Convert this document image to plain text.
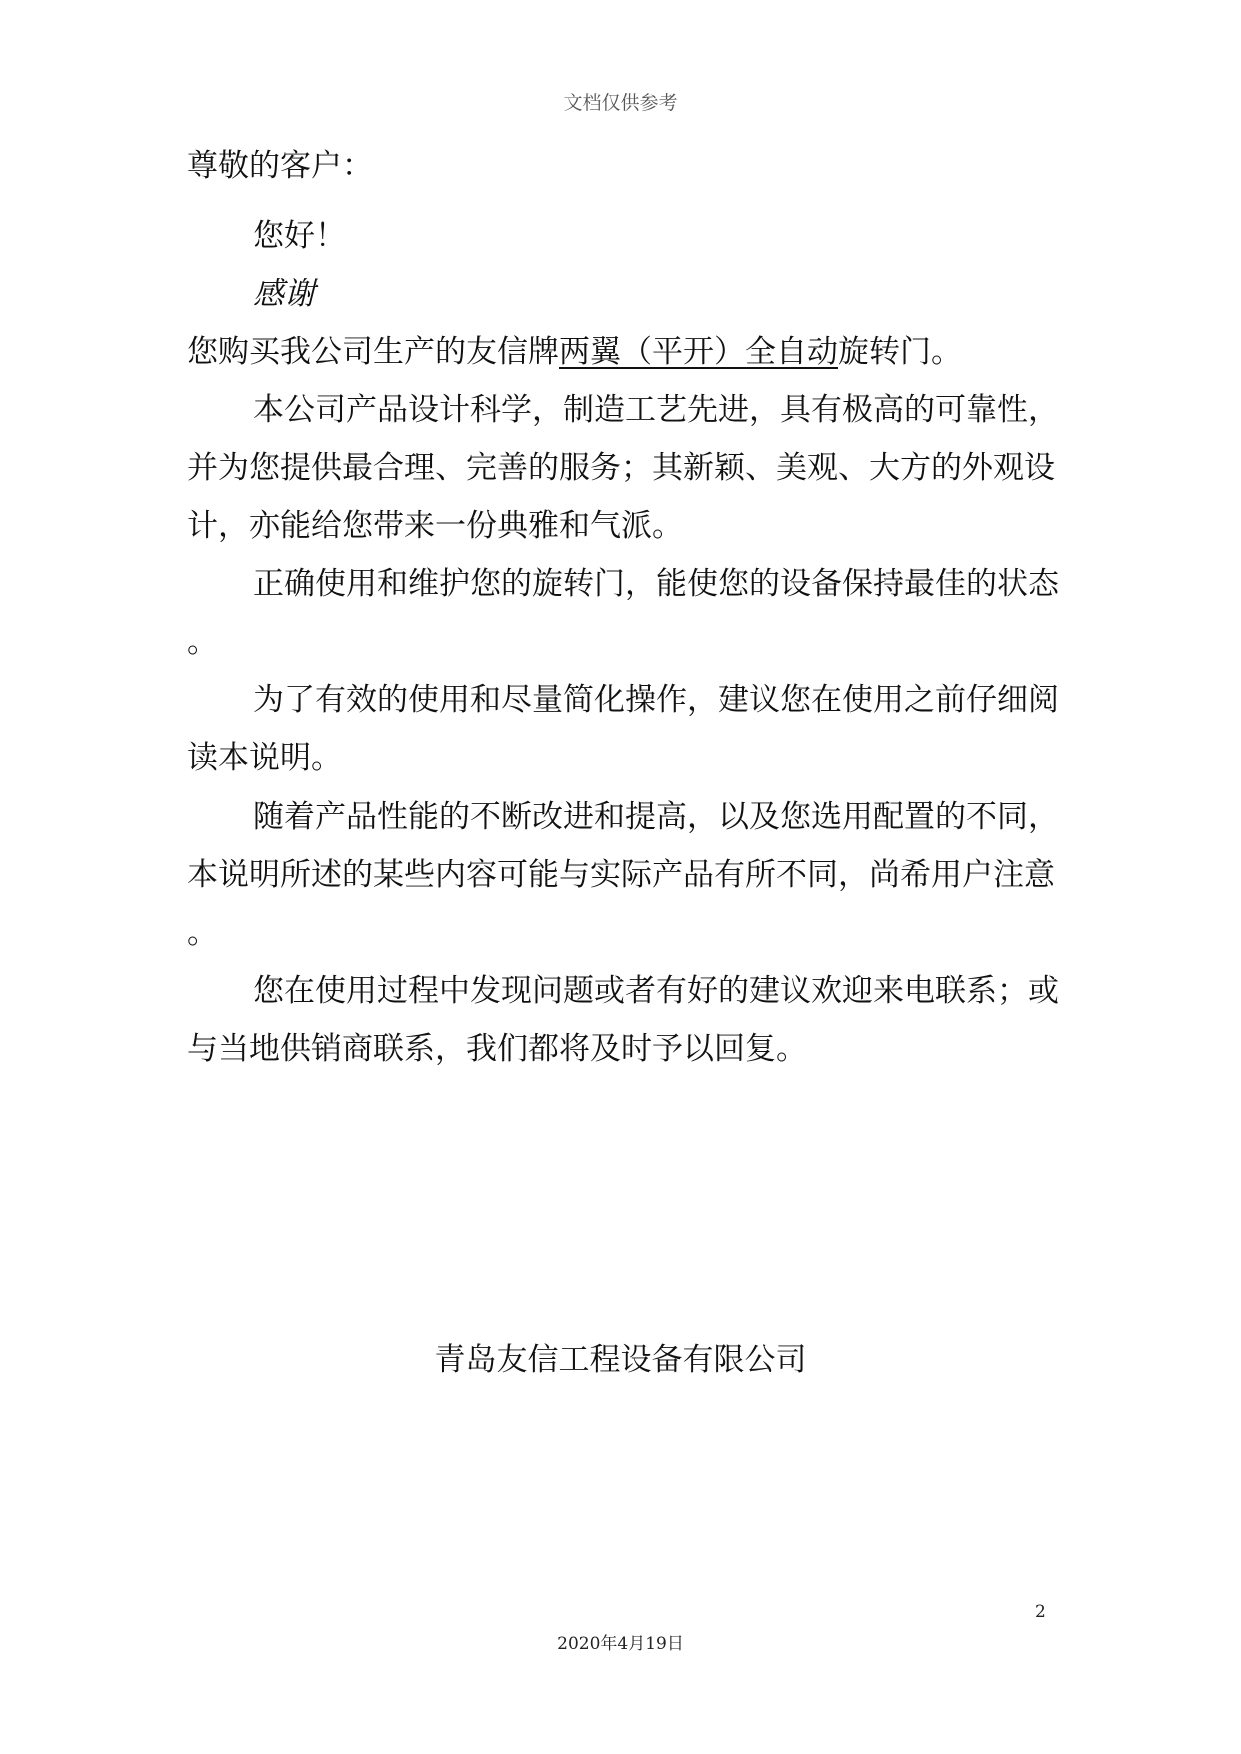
文档仅供参考
尊敬的客户：
您好！
感谢
您购买我公司生产的友信牌两翼（平开）全自动旋转门。
本公司产品设计科学，制造工艺先进，具有极高的可靠性，
并为您提供最合理、完善的服务；其新颖、美观、大方的外观设
计，亦能给您带来一份典雅和气派。
正确使用和维护您的旋转门，能使您的设备保持最佳的状态
。
为了有效的使用和尽量简化操作，建议您在使用之前仔细阅
读本说明。
随着产品性能的不断改进和提高，以及您选用配置的不同，
本说明所述的某些内容可能与实际产品有所不同，尚希用户注意
。
您在使用过程中发现问题或者有好的建议欢迎来电联系；或
与当地供销商联系，我们都将及时予以回复。
青岛友信工程设备有限公司
2
2020年4月19日
